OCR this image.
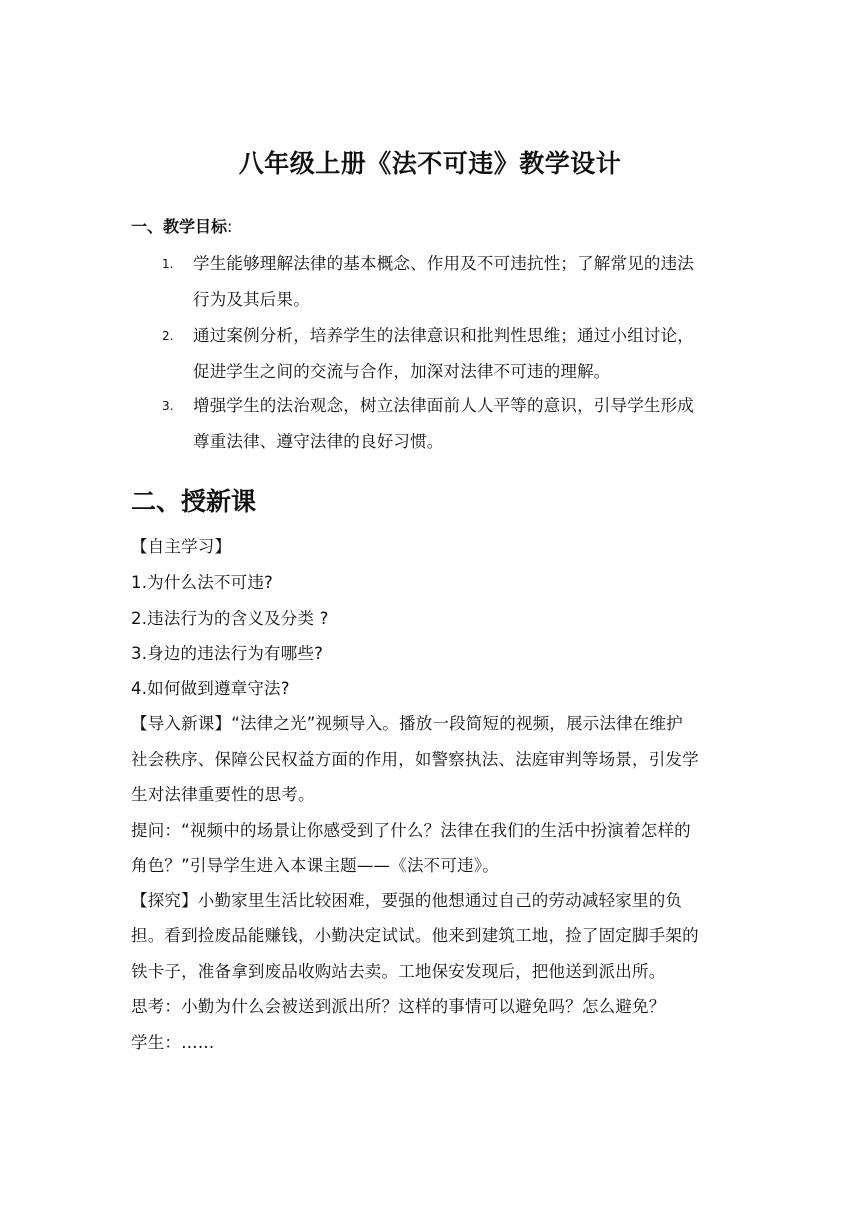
八年级上册《法不可违》教学设计
一、教学目标:
1. 学生能够理解法律的基本概念、作用及不可违抗性；了解常见的违法
行为及其后果。
2. 通过案例分析，培养学生的法律意识和批判性思维；通过小组讨论，
促进学生之间的交流与合作，加深对法律不可违的理解。
3. 增强学生的法治观念，树立法律面前人人平等的意识，引导学生形成
尊重法律、遵守法律的良好习惯。
二、授新课
【自主学习】
1.为什么法不可违?
2.违法行为的含义及分类 ?
3.身边的违法行为有哪些?
4.如何做到遵章守法?
【导入新课】“法律之光”视频导入。播放一段简短的视频，展示法律在维护
社会秩序、保障公民权益方面的作用，如警察执法、法庭审判等场景，引发学
生对法律重要性的思考。
提问：“视频中的场景让你感受到了什么？法律在我们的生活中扮演着怎样的
角色？”引导学生进入本课主题——《法不可违》。
【探究】小勤家里生活比较困难，要强的他想通过自己的劳动减轻家里的负
担。看到捡废品能赚钱，小勤决定试试。他来到建筑工地，捡了固定脚手架的
铁卡子，准备拿到废品收购站去卖。工地保安发现后，把他送到派出所。
思考：小勤为什么会被送到派出所？这样的事情可以避免吗？怎么避免？
学生：……
